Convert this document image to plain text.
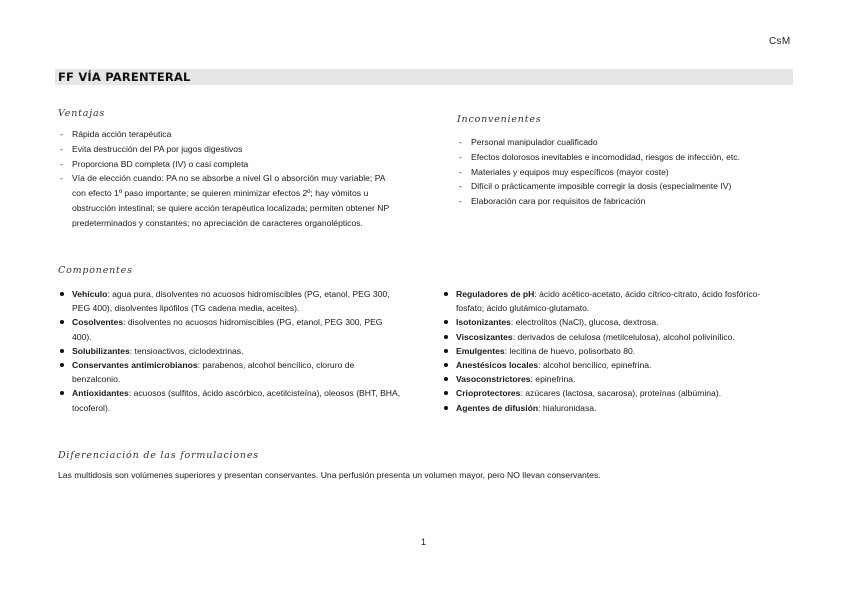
CsM
FF VÍA PARENTERAL
Ventajas
- Rápida acción terapéutica
- Evita destrucción del PA por jugos digestivos
- Proporciona BD completa (IV) o casi completa
- Vía de elección cuando: PA no se absorbe a nivel GI o absorción muy variable; PA con efecto 1º paso importante; se quieren minimizar efectos 2º; hay vómitos u obstrucción intestinal; se quiere acción terapéutica localizada; permiten obtener NP predeterminados y constantes; no apreciación de caracteres organolépticos.
Inconvenientes
- Personal manipulador cualificado
- Efectos dolorosos inevitables e incomodidad, riesgos de infección, etc.
- Materiales y equipos muy específicos (mayor coste)
- Difícil o prácticamente imposible corregir la dosis (especialmente IV)
- Elaboración cara por requisitos de fabricación
Componentes
Vehículo: agua pura, disolventes no acuosos hidromiscibles (PG, etanol, PEG 300, PEG 400), disolventes lipófilos (TG cadena media, aceites).
Cosolventes: disolventes no acuosos hidromiscibles (PG, etanol, PEG 300, PEG 400).
Solubilizantes: tensioactivos, ciclodextrinas.
Conservantes antimicrobianos: parabenos, alcohol bencílico, cloruro de benzalconio.
Antioxidantes: acuosos (sulfitos, ácido ascórbico, acetilcisteína), oleosos (BHT, BHA, tocoferol).
Reguladores de pH: ácido acético-acetato, ácido cítrico-citrato, ácido fosfórico-fosfato; ácido glutámico-glutamato.
Isotonizantes: electrolitos (NaCl), glucosa, dextrosa.
Viscosizantes: derivados de celulosa (metilcelulosa), alcohol polivinílico.
Emulgentes: lecitina de huevo, polisorbato 80.
Anestésicos locales: alcohol bencílico, epinefrina.
Vasoconstrictores: epinefrina.
Crioprotectores: azúcares (lactosa, sacarosa), proteínas (albúmina).
Agentes de difusión: hialuronidasa.
Diferenciación de las formulaciones
Las multidosis son volúmenes superiores y presentan conservantes. Una perfusión presenta un volumen mayor, pero NO llevan conservantes.
1
